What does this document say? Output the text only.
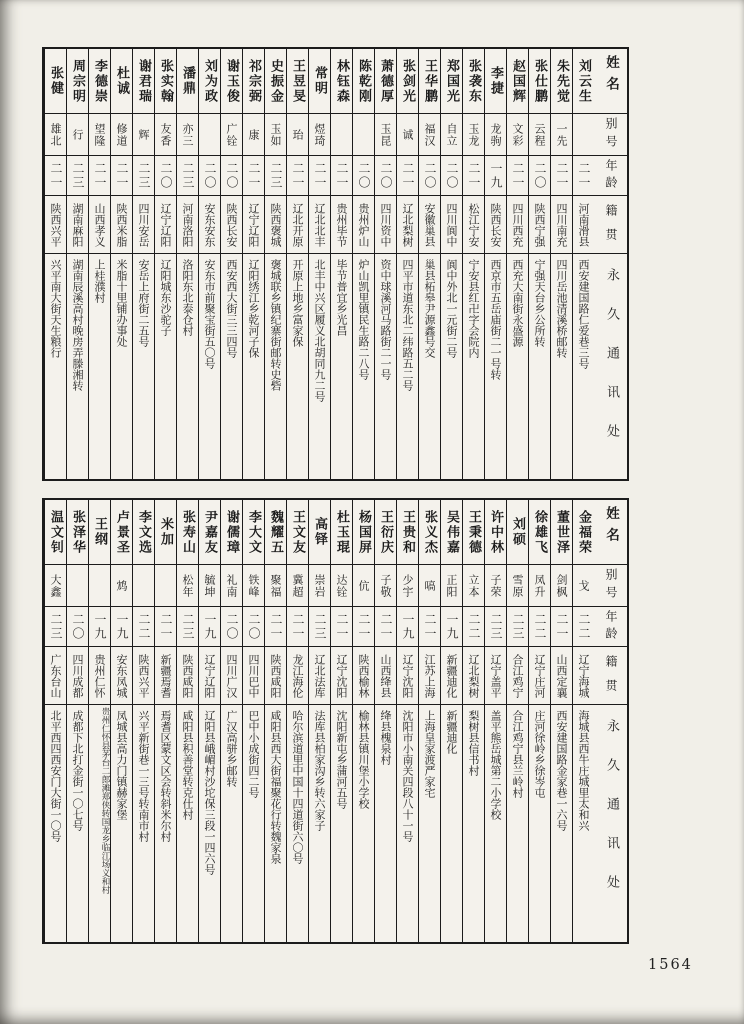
姓名
别号
年龄
籍贯
永久通讯处
刘云生
二一
河南滑县
西安建国路仁爱巷三号
朱先觉
一先
二一
四川南充
四川岳池清溪桥邮转
张仕鹏
云程
二〇
陕西宁强
宁强天台乡公所转
赵国辉
文彩
二一
四川西充
西充大南街永盛源
李捷
龙驹
一九
陕西长安
西京市五岳庙街二一号转
张袭东
玉龙
二一
松江宁安
宁安县红卍字会院内
郑国光
自立
二〇
四川阆中
阆中外北一元街二号
王华鹏
福汉
二〇
安徽巢县
巢县柘皋尹源鑫号交
张剑光
诚
二一
辽北梨树
四平市道东北二纬路五二号
萧德厚
玉昆
二〇
四川资中
资中球溪河马路街二一号
陈乾刚
二〇
贵州炉山
炉山凯里镇民生路二八号
林钰森
二一
贵州毕节
毕节普宜乡光昌
常明
煜琦
二一
辽北北丰
北丰中兴区履义北胡同九二号
王昱旻
珆
二一
辽北开原
开原上地乡富家保
史振金
玉如
二三
陕西褒城
褒城联乡镇纪寨街邮转史砦
祁宗弼
康
二一
辽宁辽阳
辽阳绣江乡乾河子保
谢玉俊
广铨
二〇
陕西长安
西安西大街三三四号
刘为政
二〇
安东安东
安东市前聚宝街五〇号
潘鼎
亦三
二三
河南洛阳
洛阳东北泰仓村
张实翰
友香
二〇
辽宁辽阳
辽阳城东沙驼子
谢君瑞
辉
二三
四川安岳
安岳上府街二五号
杜诚
修道
二一
陕西米脂
米脂十里铺办事处
李德崇
望隆
二一
山西孝义
上桂濮村
周宗明
行
二三
湖南麻阳
湖南辰溪高村晚房弄滕湘转
张健
雄北
二一
陕西兴平
兴平南大街天生粮行
姓名
别号
年龄
籍贯
永久通讯处
金福荣
戈
二二
辽宁海城
海城县西牛庄城里太和兴
董世泽
剑枫
二一
山西定襄
西安建国路金家巷一六号
徐雄飞
凤升
二二
辽宁庄河
庄河徐岭乡徐岑屯
刘硕
雪原
二三
合江鸡宁
合江鸡宁县兰岭村
许中林
子荣
二三
辽宁盖平
盖平熊岳城第二小学校
王秉德
立本
二二
辽北梨树
梨树县信书村
吴伟嘉
正阳
一九
新疆迪化
新疆迪化
张义杰
嗃
二一
江苏上海
上海皇家渡严家宅
王贵和
少宇
一九
辽宁沈阳
沈阳市小南关四段八十一号
王衍庆
子敬
二一
山西绛县
绛县槐泉村
杨国屏
伉
二一
陕西榆林
榆林县镇川堡小学校
杜玉琨
达铨
二一
辽宁沈阳
沈阳新屯乡蒲河五号
高铎
崇岩
二三
辽北法库
法库县柏家沟乡转六家子
王文友
冀超
二一
龙江海伦
哈尔滨道里中国十四道街六〇号
魏耀五
聚福
二一
陕西咸阳
咸阳县西大街福聚花行转魏家泉
李大文
铁峰
二〇
四川巴中
巴中小成街四二号
谢儒璋
礼南
二〇
四川广汉
广汉高骈乡邮转
尹嘉友
毓坤
一九
辽宁辽阳
辽阳县峨嵋村沙坨保三段一四六号
张寿山
松年
二三
陕西咸阳
咸阳县积善堂转克仕村
米加
二一
新疆焉耆
焉耆区蒙文区会转斜米尔村
李文选
二二
陕西兴平
兴平新街巷一三号转南市村
卢景圣
鸩
一九
安东凤城
凤城县高力门镇赫家堡
王纲
一九
贵州仁怀
贵州仁怀县茅台二郎滩郑侠转国龙乡临江场义和村
张泽华
二〇
四川成都
成都下北打金街一〇七号
温文钊
大鑫
二三
广东台山
北平西四西安门大街一〇号
1564
